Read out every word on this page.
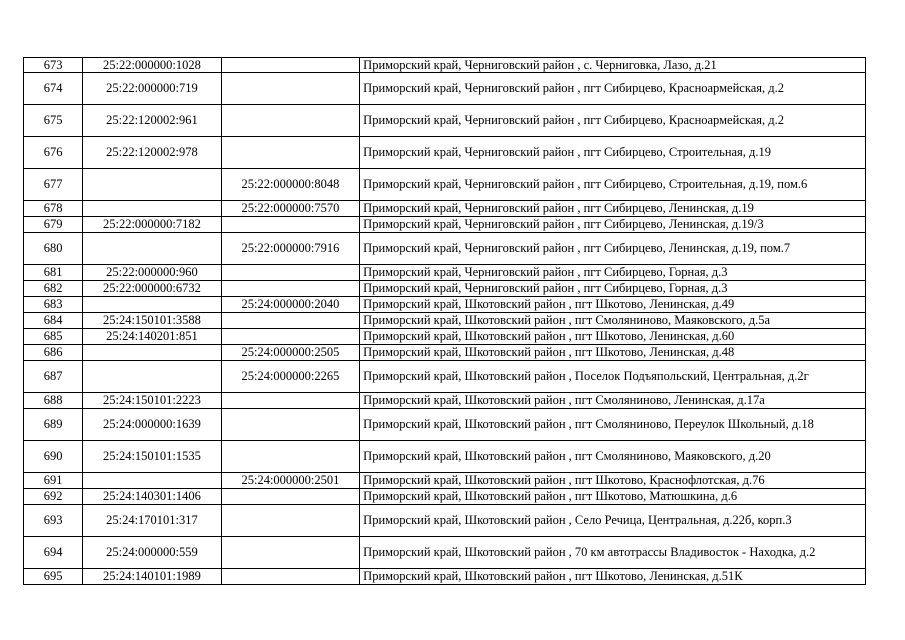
673	25:22:000000:1028		Приморский край, Черниговский район , с. Черниговка, Лазо, д.21
674	25:22:000000:719		Приморский край, Черниговский район , пгт Сибирцево, Красноармейская, д.2
675	25:22:120002:961		Приморский край, Черниговский район , пгт Сибирцево, Красноармейская, д.2
676	25:22:120002:978		Приморский край, Черниговский район , пгт Сибирцево, Строительная, д.19
677		25:22:000000:8048	Приморский край, Черниговский район , пгт Сибирцево, Строительная, д.19, пом.6
678		25:22:000000:7570	Приморский край, Черниговский район , пгт Сибирцево, Ленинская, д.19
679	25:22:000000:7182		Приморский край, Черниговский район , пгт Сибирцево, Ленинская, д.19/3
680		25:22:000000:7916	Приморский край, Черниговский район , пгт Сибирцево, Ленинская, д.19, пом.7
681	25:22:000000:960		Приморский край, Черниговский район , пгт Сибирцево, Горная, д.3
682	25:22:000000:6732		Приморский край, Черниговский район , пгт Сибирцево, Горная, д.3
683		25:24:000000:2040	Приморский край, Шкотовский район , пгт Шкотово, Ленинская, д.49
684	25:24:150101:3588		Приморский край, Шкотовский район , пгт Смоляниново, Маяковского, д.5а
685	25:24:140201:851		Приморский край, Шкотовский район , пгт Шкотово, Ленинская, д.60
686		25:24:000000:2505	Приморский край, Шкотовский район , пгт Шкотово, Ленинская, д.48
687		25:24:000000:2265	Приморский край, Шкотовский район , Поселок Подъяпольский, Центральная, д.2г
688	25:24:150101:2223		Приморский край, Шкотовский район , пгт Смоляниново, Ленинская, д.17а
689	25:24:000000:1639		Приморский край, Шкотовский район , пгт Смоляниново, Переулок Школьный, д.18
690	25:24:150101:1535		Приморский край, Шкотовский район , пгт Смоляниново, Маяковского, д.20
691		25:24:000000:2501	Приморский край, Шкотовский район , пгт Шкотово, Краснофлотская, д.76
692	25:24:140301:1406		Приморский край, Шкотовский район , пгт Шкотово, Матюшкина, д.6
693	25:24:170101:317		Приморский край, Шкотовский район , Село Речица, Центральная, д.22б, корп.3
694	25:24:000000:559		Приморский край, Шкотовский район , 70 км автотрассы Владивосток - Находка, д.2
695	25:24:140101:1989		Приморский край, Шкотовский район , пгт Шкотово, Ленинская, д.51К
